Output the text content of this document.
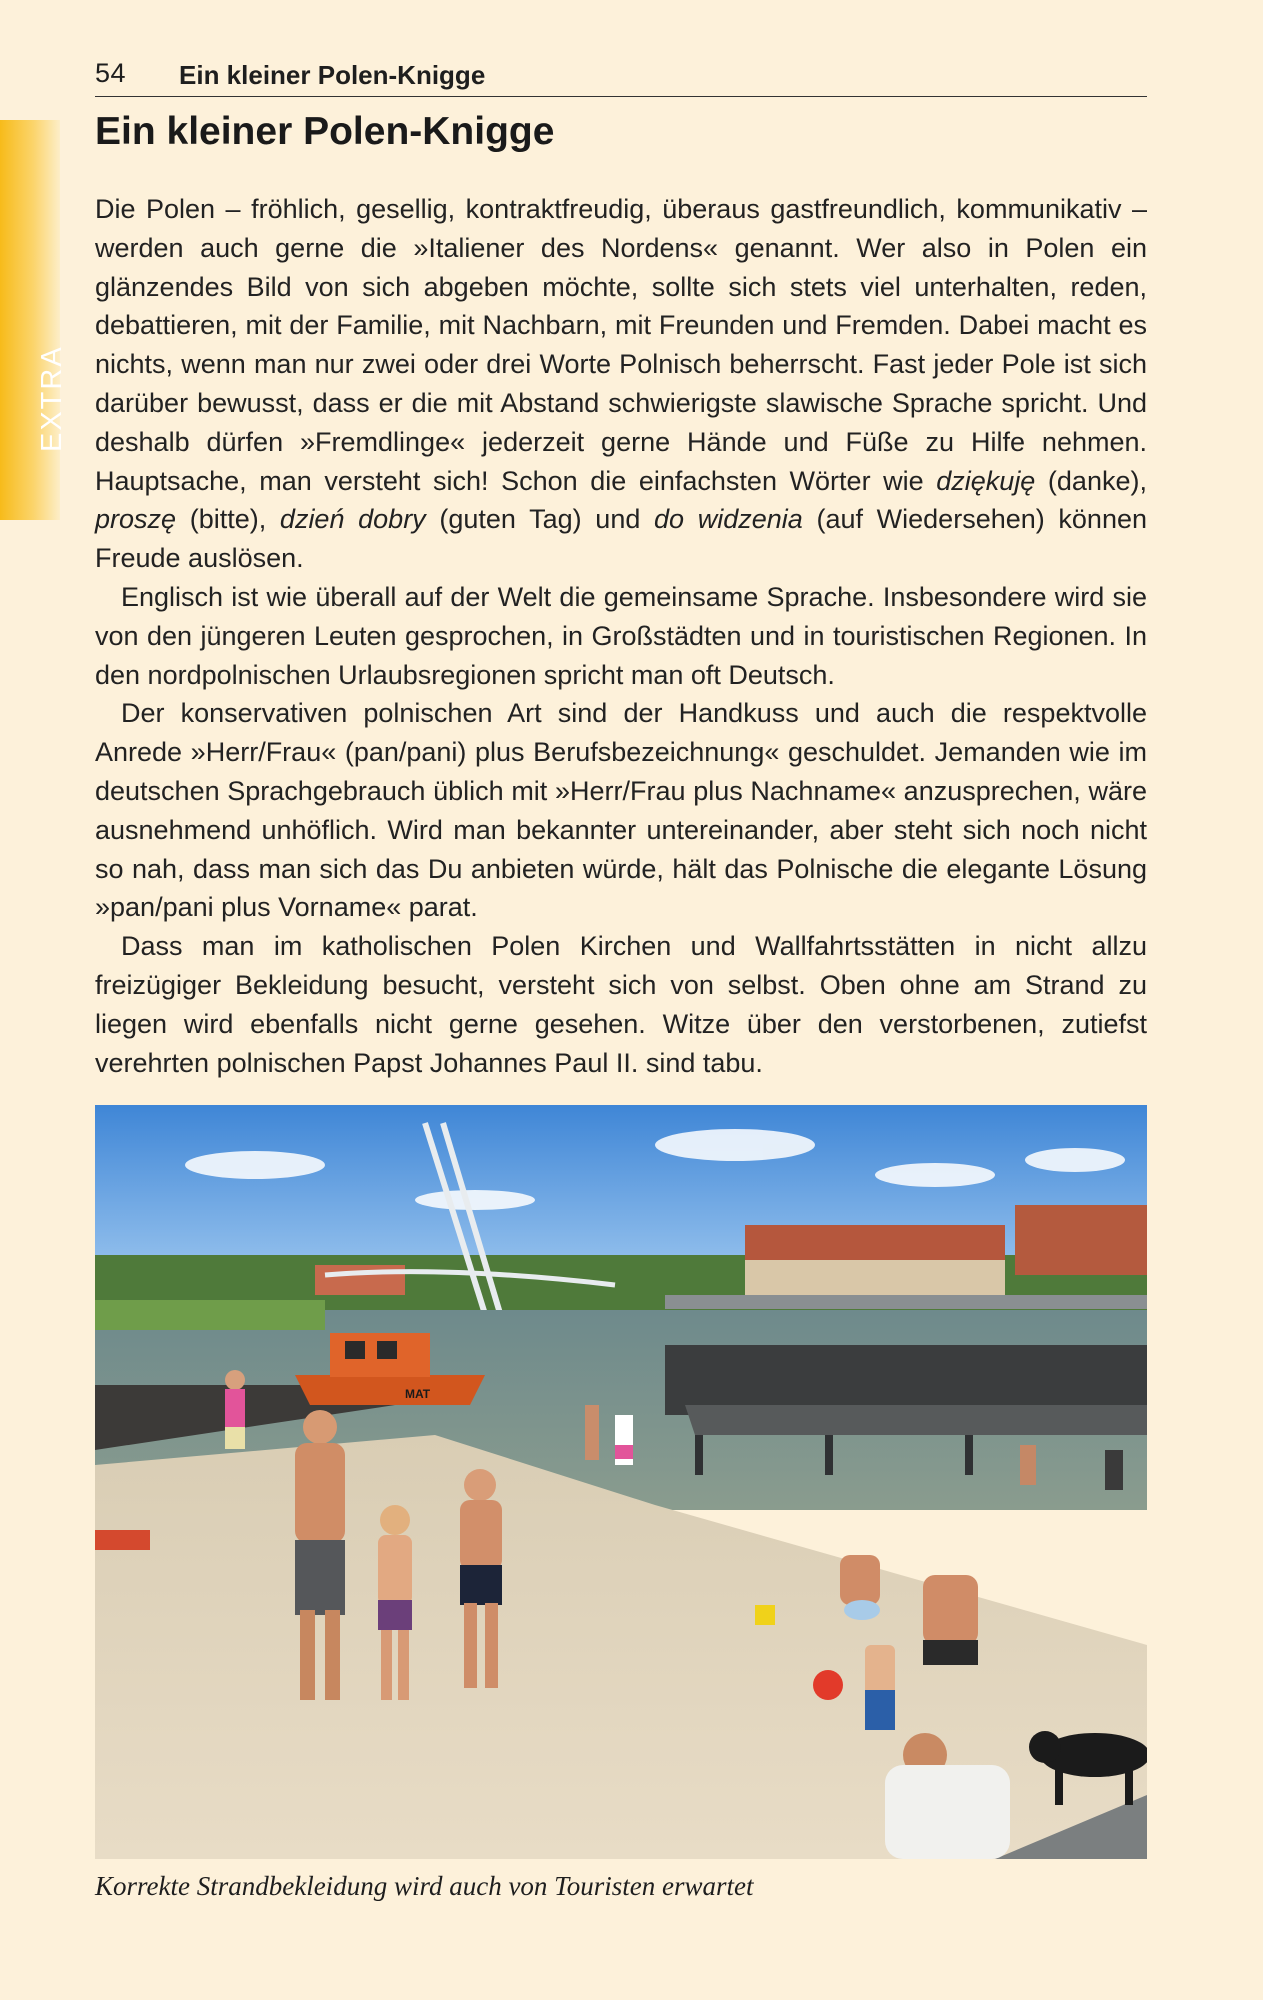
54 Ein kleiner Polen-Knigge
EXTRA
Ein kleiner Polen-Knigge

Die Polen – fröhlich, gesellig, kontraktfreudig, überaus gastfreundlich, kommunikativ – werden auch gerne die »Italiener des Nordens« genannt. Wer also in Polen ein glänzendes Bild von sich abgeben möchte, sollte sich stets viel unterhalten, reden, debattieren, mit der Familie, mit Nachbarn, mit Freunden und Fremden. Dabei macht es nichts, wenn man nur zwei oder drei Worte Polnisch beherrscht. Fast jeder Pole ist sich darüber bewusst, dass er die mit Abstand schwierigste slawische Sprache spricht. Und deshalb dürfen »Fremdlinge« jederzeit gerne Hände und Füße zu Hilfe nehmen. Hauptsache, man versteht sich! Schon die einfachsten Wörter wie dziękuję (danke), proszę (bitte), dzień dobry (guten Tag) und do widzenia (auf Wiedersehen) können Freude auslösen.

Englisch ist wie überall auf der Welt die gemeinsame Sprache. Insbesondere wird sie von den jüngeren Leuten gesprochen, in Großstädten und in touristischen Regionen. In den nordpolnischen Urlaubsregionen spricht man oft Deutsch.

Der konservativen polnischen Art sind der Handkuss und auch die respektvolle Anrede »Herr/Frau« (pan/pani) plus Berufsbezeichnung« geschuldet. Jemanden wie im deutschen Sprachgebrauch üblich mit »Herr/Frau plus Nachname« anzusprechen, wäre ausnehmend unhöflich. Wird man bekannter untereinander, aber steht sich noch nicht so nah, dass man sich das Du anbieten würde, hält das Polnische die elegante Lösung »pan/pani plus Vorname« parat.

Dass man im katholischen Polen Kirchen und Wallfahrtsstätten in nicht allzu freizügiger Bekleidung besucht, versteht sich von selbst. Oben ohne am Strand zu liegen wird ebenfalls nicht gerne gesehen. Witze über den verstorbenen, zutiefst verehrten polnischen Papst Johannes Paul II. sind tabu.

MAT
Korrekte Strandbekleidung wird auch von Touristen erwartet
